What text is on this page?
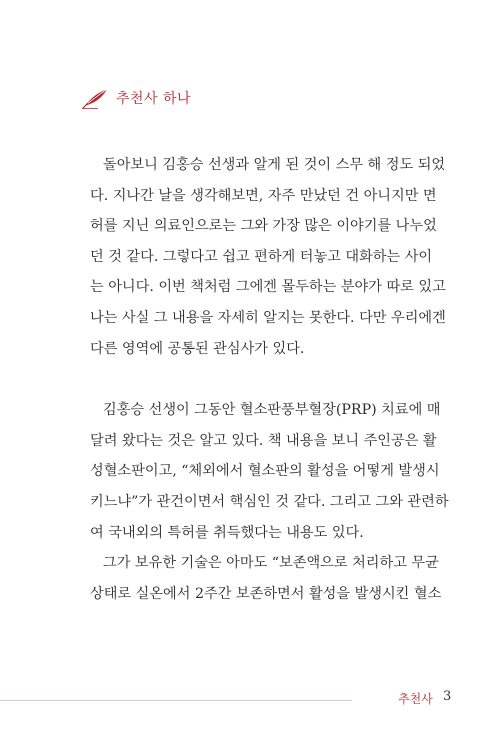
추천사 하나

돌아보니 김홍승 선생과 알게 된 것이 스무 해 정도 되었
다. 지나간 날을 생각해보면, 자주 만났던 건 아니지만 면
허를 지닌 의료인으로는 그와 가장 많은 이야기를 나누었
던 것 같다. 그렇다고 쉽고 편하게 터놓고 대화하는 사이
는 아니다. 이번 책처럼 그에겐 몰두하는 분야가 따로 있고
나는 사실 그 내용을 자세히 알지는 못한다. 다만 우리에겐
다른 영역에 공통된 관심사가 있다.

김홍승 선생이 그동안 혈소판풍부혈장(PRP) 치료에 매
달려 왔다는 것은 알고 있다. 책 내용을 보니 주인공은 활
성혈소판이고, “체외에서 혈소판의 활성을 어떻게 발생시
키느냐”가 관건이면서 핵심인 것 같다. 그리고 그와 관련하
여 국내외의 특허를 취득했다는 내용도 있다.

그가 보유한 기술은 아마도 “보존액으로 처리하고 무균
상태로 실온에서 2주간 보존하면서 활성을 발생시킨 혈소

추천사 3
